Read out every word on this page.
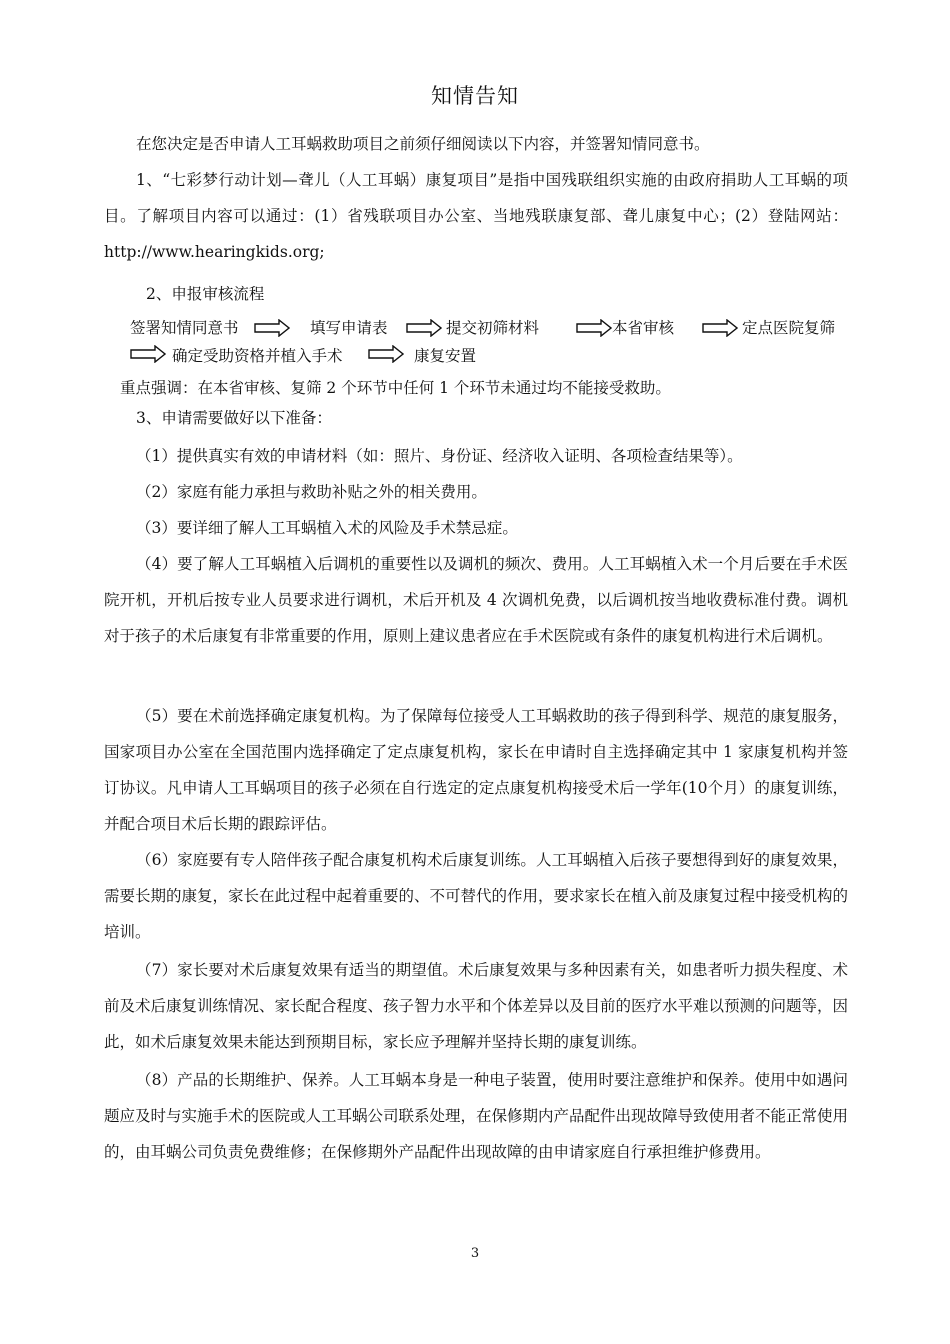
知情告知

在您决定是否申请人工耳蜗救助项目之前须仔细阅读以下内容，并签署知情同意书。

1、“七彩梦行动计划—聋儿（人工耳蜗）康复项目”是指中国残联组织实施的由政府捐助人工耳蜗的项目。了解项目内容可以通过：(1）省残联项目办公室、当地残联康复部、聋儿康复中心；(2）登陆网站：http://www.hearingkids.org;

2、申报审核流程
签署知情同意书	填写申请表	提交初筛材料	本省审核	定点医院复筛
确定受助资格并植入手术	康复安置
重点强调：在本省审核、复筛 2 个环节中任何 1 个环节未通过均不能接受救助。
3、申请需要做好以下准备：

（1）提供真实有效的申请材料（如：照片、身份证、经济收入证明、各项检查结果等）。

（2）家庭有能力承担与救助补贴之外的相关费用。

（3）要详细了解人工耳蜗植入术的风险及手术禁忌症。

（4）要了解人工耳蜗植入后调机的重要性以及调机的频次、费用。人工耳蜗植入术一个月后要在手术医院开机，开机后按专业人员要求进行调机，术后开机及 4 次调机免费，以后调机按当地收费标准付费。调机对于孩子的术后康复有非常重要的作用，原则上建议患者应在手术医院或有条件的康复机构进行术后调机。

（5）要在术前选择确定康复机构。为了保障每位接受人工耳蜗救助的孩子得到科学、规范的康复服务，国家项目办公室在全国范围内选择确定了定点康复机构，家长在申请时自主选择确定其中 1 家康复机构并签订协议。凡申请人工耳蜗项目的孩子必须在自行选定的定点康复机构接受术后一学年(10个月）的康复训练，并配合项目术后长期的跟踪评估。

（6）家庭要有专人陪伴孩子配合康复机构术后康复训练。人工耳蜗植入后孩子要想得到好的康复效果，需要长期的康复，家长在此过程中起着重要的、不可替代的作用，要求家长在植入前及康复过程中接受机构的培训。

（7）家长要对术后康复效果有适当的期望值。术后康复效果与多种因素有关，如患者听力损失程度、术前及术后康复训练情况、家长配合程度、孩子智力水平和个体差异以及目前的医疗水平难以预测的问题等，因此，如术后康复效果未能达到预期目标，家长应予理解并坚持长期的康复训练。

（8）产品的长期维护、保养。人工耳蜗本身是一种电子装置，使用时要注意维护和保养。使用中如遇问题应及时与实施手术的医院或人工耳蜗公司联系处理，在保修期内产品配件出现故障导致使用者不能正常使用的，由耳蜗公司负责免费维修；在保修期外产品配件出现故障的由申请家庭自行承担维护修费用。

3
